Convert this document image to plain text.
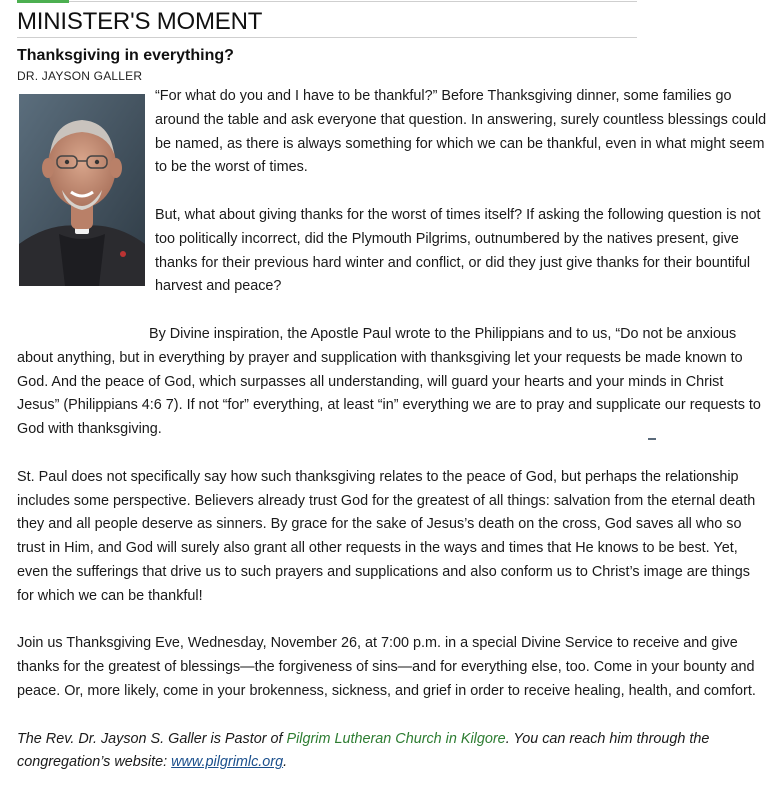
MINISTER'S MOMENT
Thanksgiving in everything?
DR. JAYSON GALLER

“For what do you and I have to be thankful?” Before Thanksgiving dinner, some families go around the table and ask everyone that question. In answering, surely countless blessings could be named, as there is always something for which we can be thankful, even in what might seem to be the worst of times.

But, what about giving thanks for the worst of times itself? If asking the following question is not too politically incorrect, did the Plymouth Pilgrims, outnumbered by the natives present, give thanks for their previous hard winter and conflict, or did they just give thanks for their bountiful harvest and peace?

By Divine inspiration, the Apostle Paul wrote to the Philippians and to us, “Do not be anxious about anything, but in everything by prayer and supplication with thanksgiving let your requests be made known to God. And the peace of God, which surpasses all understanding, will guard your hearts and your minds in Christ Jesus” (Philippians 4:6 7). If not “for” everything, at least “in” everything we are to pray and supplicate our requests to God with thanksgiving.

St. Paul does not specifically say how such thanksgiving relates to the peace of God, but perhaps the relationship includes some perspective. Believers already trust God for the greatest of all things: salvation from the eternal death they and all people deserve as sinners. By grace for the sake of Jesus’s death on the cross, God saves all who so trust in Him, and God will surely also grant all other requests in the ways and times that He knows to be best. Yet, even the sufferings that drive us to such prayers and supplications and also conform us to Christ’s image are things for which we can be thankful!

Join us Thanksgiving Eve, Wednesday, November 26, at 7:00 p.m. in a special Divine Service to receive and give thanks for the greatest of blessings—the forgiveness of sins—and for everything else, too. Come in your bounty and peace. Or, more likely, come in your brokenness, sickness, and grief in order to receive healing, health, and comfort.

The Rev. Dr. Jayson S. Galler is Pastor of Pilgrim Lutheran Church in Kilgore. You can reach him through the congregation’s website: www.pilgrimlc.org.
